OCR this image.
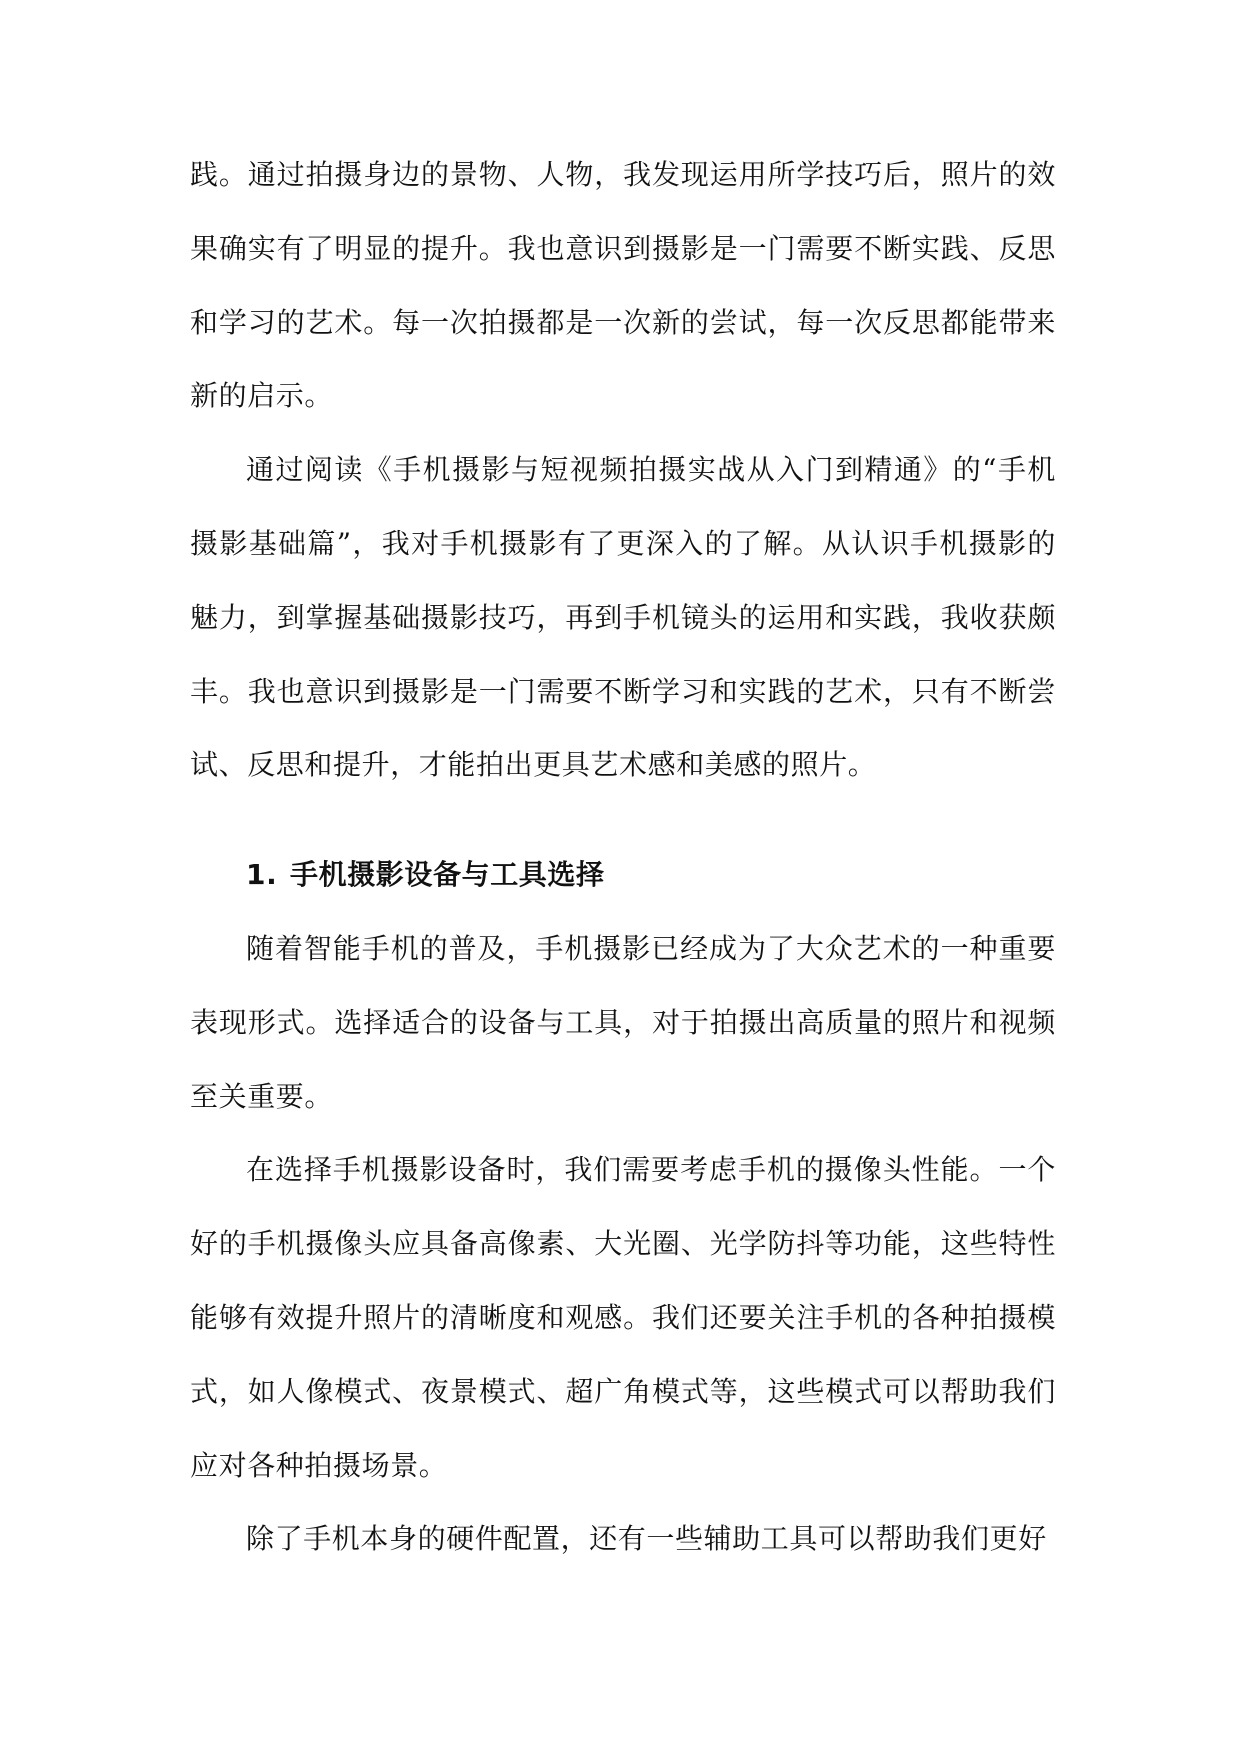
践。通过拍摄身边的景物、人物，我发现运用所学技巧后，照片的效果确实有了明显的提升。我也意识到摄影是一门需要不断实践、反思和学习的艺术。每一次拍摄都是一次新的尝试，每一次反思都能带来新的启示。

通过阅读《手机摄影与短视频拍摄实战从入门到精通》的“手机摄影基础篇”，我对手机摄影有了更深入的了解。从认识手机摄影的魅力，到掌握基础摄影技巧，再到手机镜头的运用和实践，我收获颇丰。我也意识到摄影是一门需要不断学习和实践的艺术，只有不断尝试、反思和提升，才能拍出更具艺术感和美感的照片。

1. 手机摄影设备与工具选择

随着智能手机的普及，手机摄影已经成为了大众艺术的一种重要表现形式。选择适合的设备与工具，对于拍摄出高质量的照片和视频至关重要。

在选择手机摄影设备时，我们需要考虑手机的摄像头性能。一个好的手机摄像头应具备高像素、大光圈、光学防抖等功能，这些特性能够有效提升照片的清晰度和观感。我们还要关注手机的各种拍摄模式，如人像模式、夜景模式、超广角模式等，这些模式可以帮助我们应对各种拍摄场景。

除了手机本身的硬件配置，还有一些辅助工具可以帮助我们更好
